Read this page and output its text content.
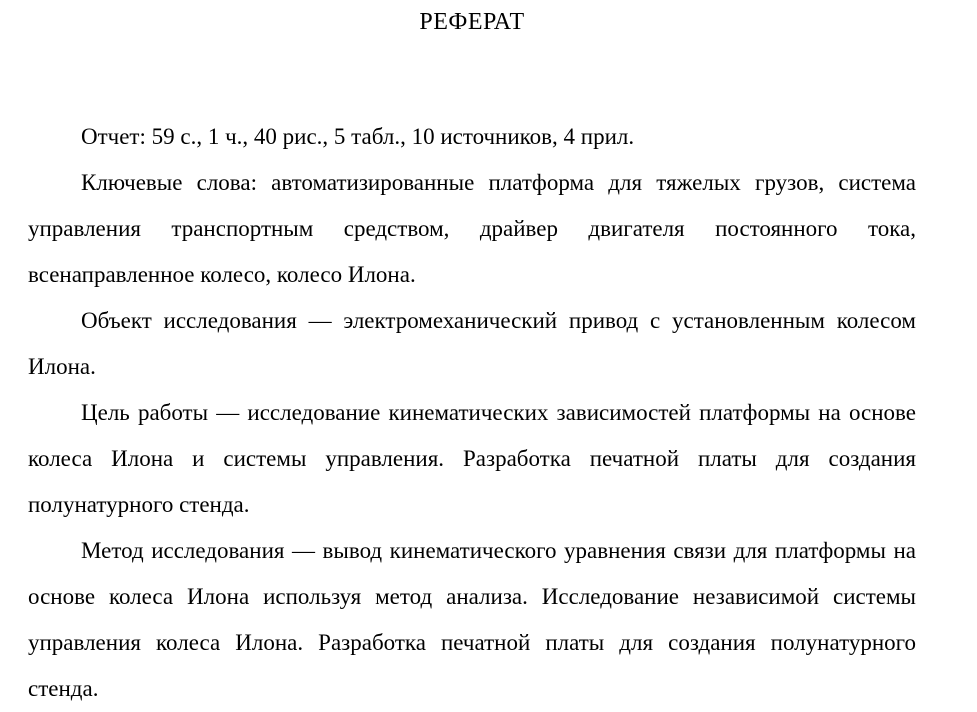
РЕФЕРАТ

Отчет: 59 с., 1 ч., 40 рис., 5 табл., 10 источников, 4 прил.

Ключевые слова: автоматизированные платформа для тяжелых грузов, система управления транспортным средством, драйвер двигателя постоянного тока, всенаправленное колесо, колесо Илона.

Объект исследования — электромеханический привод с установленным колесом Илона.

Цель работы — исследование кинематических зависимостей платформы на основе колеса Илона и системы управления. Разработка печатной платы для создания полунатурного стенда.

Метод исследования — вывод кинематического уравнения связи для платформы на основе колеса Илона используя метод анализа. Исследование независимой системы управления колеса Илона. Разработка печатной платы для создания полунатурного стенда.
